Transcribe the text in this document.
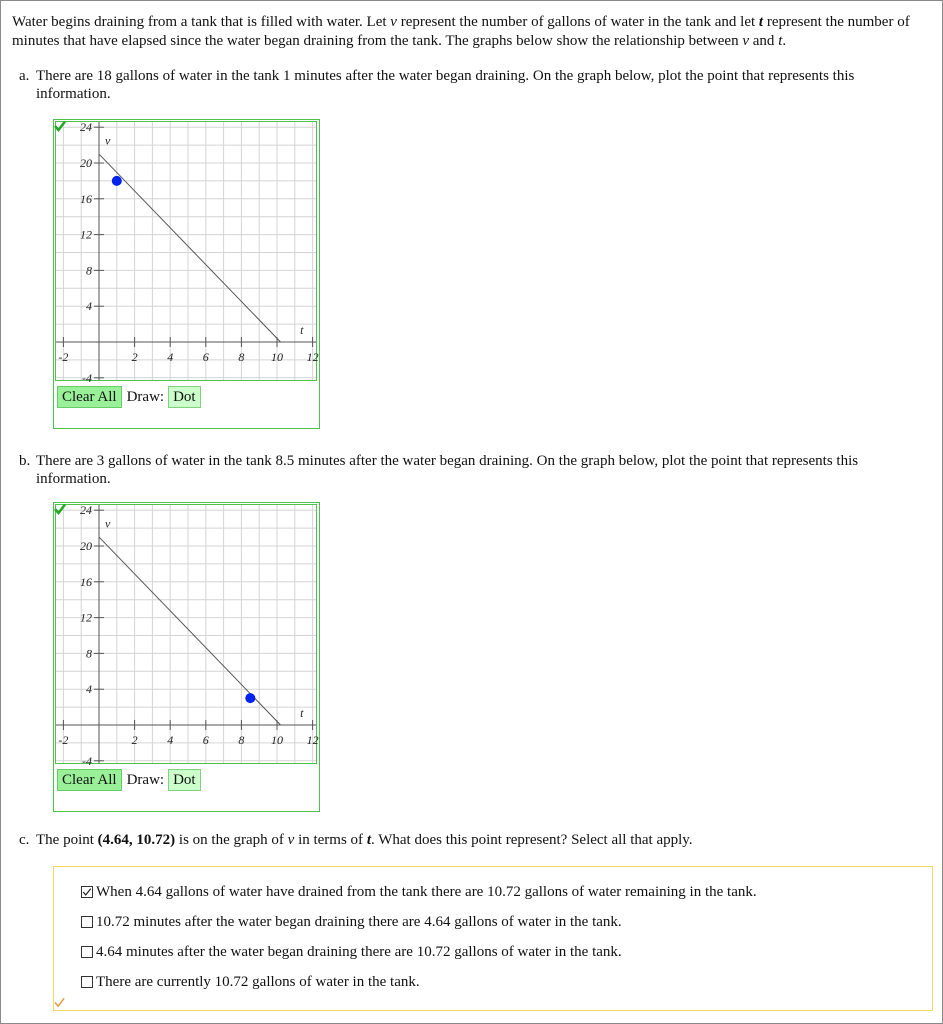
Water begins draining from a tank that is filled with water. Let v represent the number of gallons of water in the tank and let t represent the number of minutes that have elapsed since the water began draining from the tank. The graphs below show the relationship between v and t.
a. There are 18 gallons of water in the tank 1 minutes after the water began draining. On the graph below, plot the point that represents this information.
-2	2 4 6 8 10 12
24
20
16
12
8
4
-4
v
t
Clear All Draw: Dot
b. There are 3 gallons of water in the tank 8.5 minutes after the water began draining. On the graph below, plot the point that represents this information.
-2	2 4 6 8 10 12
24
20
16
12
8
4
-4
v
t
Clear All Draw: Dot
c. The point (4.64, 10.72) is on the graph of v in terms of t. What does this point represent? Select all that apply.
When 4.64 gallons of water have drained from the tank there are 10.72 gallons of water remaining in the tank.
10.72 minutes after the water began draining there are 4.64 gallons of water in the tank.
4.64 minutes after the water began draining there are 10.72 gallons of water in the tank.
There are currently 10.72 gallons of water in the tank.
